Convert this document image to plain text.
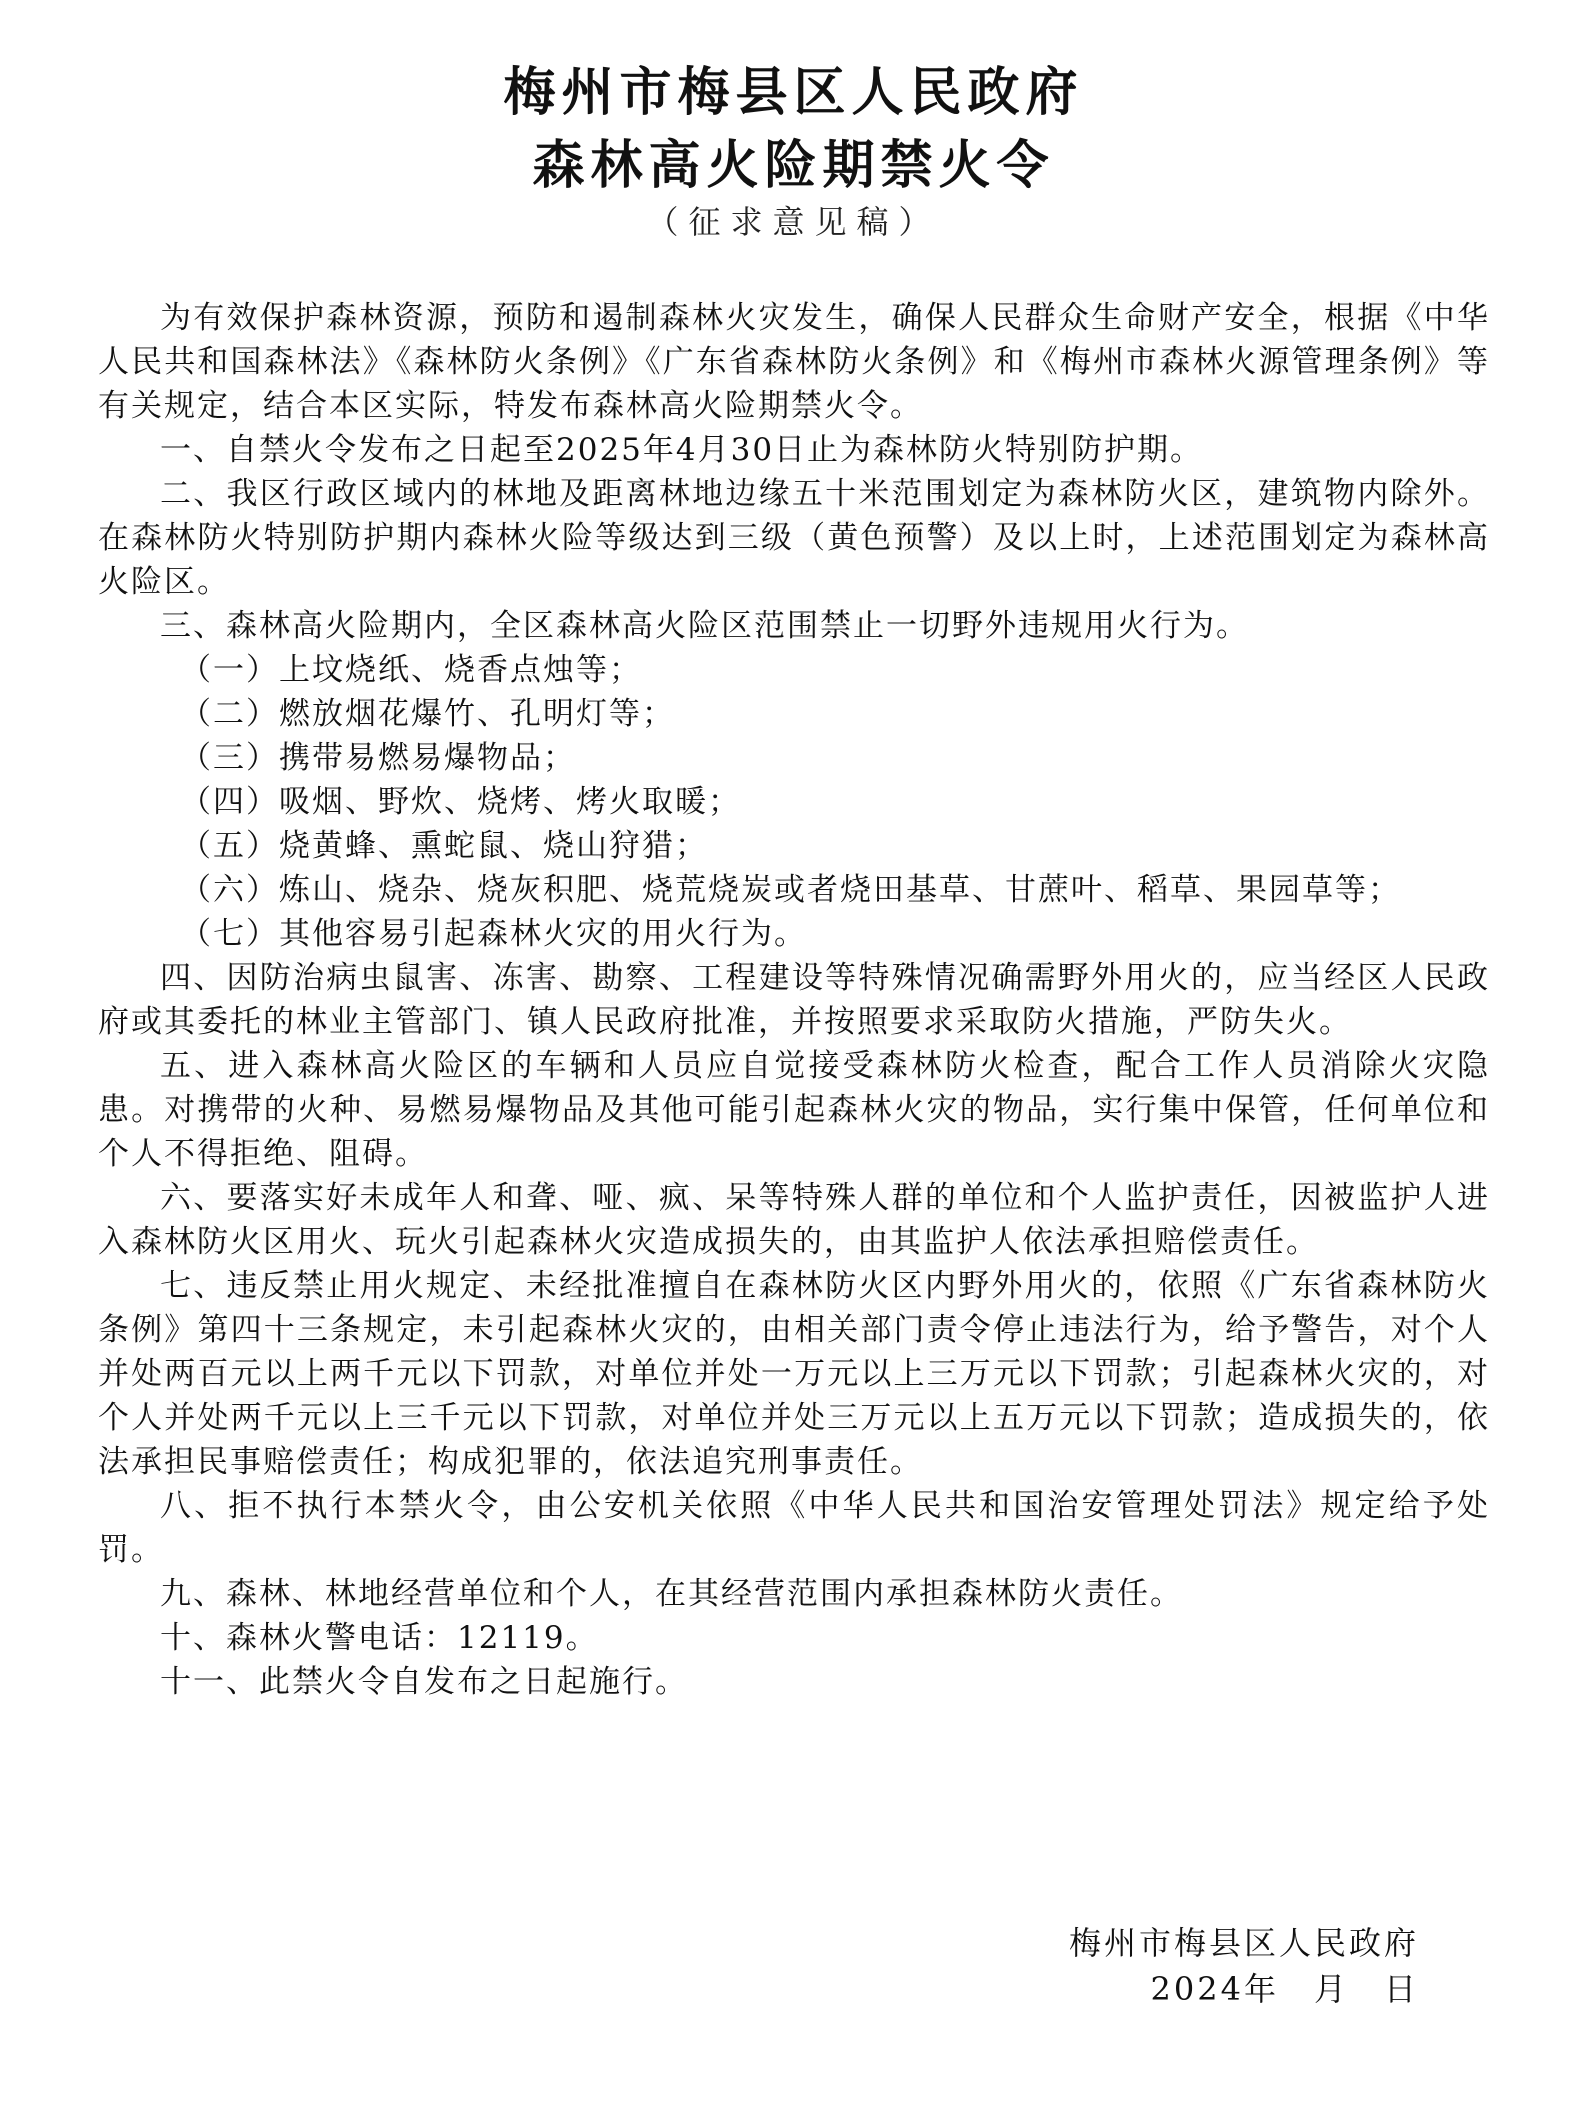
梅州市梅县区人民政府
森林高火险期禁火令
（征求意见稿）

为有效保护森林资源，预防和遏制森林火灾发生，确保人民群众生命财产安全，根据《中华人民共和国森林法》《森林防火条例》《广东省森林防火条例》和《梅州市森林火源管理条例》等有关规定，结合本区实际，特发布森林高火险期禁火令。

一、自禁火令发布之日起至2025年4月30日止为森林防火特别防护期。

二、我区行政区域内的林地及距离林地边缘五十米范围划定为森林防火区，建筑物内除外。在森林防火特别防护期内森林火险等级达到三级（黄色预警）及以上时，上述范围划定为森林高火险区。

三、森林高火险期内，全区森林高火险区范围禁止一切野外违规用火行为。

（一）上坟烧纸、烧香点烛等；

（二）燃放烟花爆竹、孔明灯等；

（三）携带易燃易爆物品；

（四）吸烟、野炊、烧烤、烤火取暖；

（五）烧黄蜂、熏蛇鼠、烧山狩猎；

（六）炼山、烧杂、烧灰积肥、烧荒烧炭或者烧田基草、甘蔗叶、稻草、果园草等；

（七）其他容易引起森林火灾的用火行为。

四、因防治病虫鼠害、冻害、勘察、工程建设等特殊情况确需野外用火的，应当经区人民政府或其委托的林业主管部门、镇人民政府批准，并按照要求采取防火措施，严防失火。

五、进入森林高火险区的车辆和人员应自觉接受森林防火检查，配合工作人员消除火灾隐患。对携带的火种、易燃易爆物品及其他可能引起森林火灾的物品，实行集中保管，任何单位和个人不得拒绝、阻碍。

六、要落实好未成年人和聋、哑、疯、呆等特殊人群的单位和个人监护责任，因被监护人进入森林防火区用火、玩火引起森林火灾造成损失的，由其监护人依法承担赔偿责任。

七、违反禁止用火规定、未经批准擅自在森林防火区内野外用火的，依照《广东省森林防火条例》第四十三条规定，未引起森林火灾的，由相关部门责令停止违法行为，给予警告，对个人并处两百元以上两千元以下罚款，对单位并处一万元以上三万元以下罚款；引起森林火灾的，对个人并处两千元以上三千元以下罚款，对单位并处三万元以上五万元以下罚款；造成损失的，依法承担民事赔偿责任；构成犯罪的，依法追究刑事责任。

八、拒不执行本禁火令，由公安机关依照《中华人民共和国治安管理处罚法》规定给予处罚。

九、森林、林地经营单位和个人，在其经营范围内承担森林防火责任。

十、森林火警电话：12119。

十一、此禁火令自发布之日起施行。

梅州市梅县区人民政府
2024年　月　日
